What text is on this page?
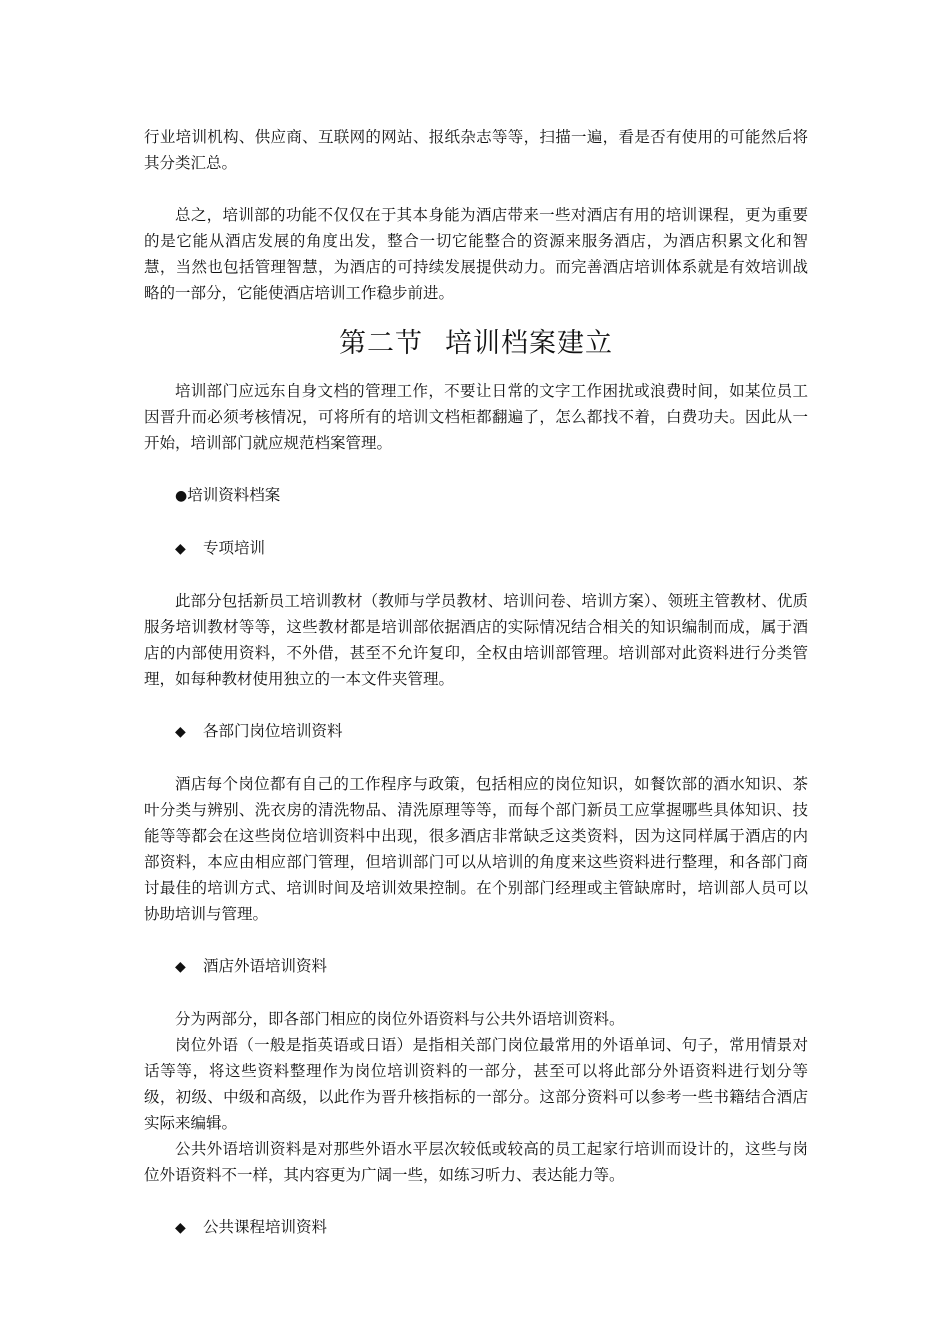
行业培训机构、供应商、互联网的网站、报纸杂志等等，扫描一遍，看是否有使用的可能然后将其分类汇总。

总之，培训部的功能不仅仅在于其本身能为酒店带来一些对酒店有用的培训课程，更为重要的是它能从酒店发展的角度出发，整合一切它能整合的资源来服务酒店，为酒店积累文化和智慧，当然也包括管理智慧，为酒店的可持续发展提供动力。而完善酒店培训体系就是有效培训战略的一部分，它能使酒店培训工作稳步前进。

第二节 培训档案建立

培训部门应远东自身文档的管理工作，不要让日常的文字工作困扰或浪费时间，如某位员工因晋升而必须考核情况，可将所有的培训文档柜都翻遍了，怎么都找不着，白费功夫。因此从一开始，培训部门就应规范档案管理。

●培训资料档案
◆ 专项培训

此部分包括新员工培训教材（教师与学员教材、培训问卷、培训方案）、领班主管教材、优质服务培训教材等等，这些教材都是培训部依据酒店的实际情况结合相关的知识编制而成，属于酒店的内部使用资料，不外借，甚至不允许复印，全权由培训部管理。培训部对此资料进行分类管理，如每种教材使用独立的一本文件夹管理。

◆ 各部门岗位培训资料

酒店每个岗位都有自己的工作程序与政策，包括相应的岗位知识，如餐饮部的酒水知识、茶叶分类与辨别、洗衣房的清洗物品、清洗原理等等，而每个部门新员工应掌握哪些具体知识、技能等等都会在这些岗位培训资料中出现，很多酒店非常缺乏这类资料，因为这同样属于酒店的内部资料，本应由相应部门管理，但培训部门可以从培训的角度来这些资料进行整理，和各部门商讨最佳的培训方式、培训时间及培训效果控制。在个别部门经理或主管缺席时，培训部人员可以协助培训与管理。

◆ 酒店外语培训资料

分为两部分，即各部门相应的岗位外语资料与公共外语培训资料。

岗位外语（一般是指英语或日语）是指相关部门岗位最常用的外语单词、句子，常用情景对话等等，将这些资料整理作为岗位培训资料的一部分，甚至可以将此部分外语资料进行划分等级，初级、中级和高级，以此作为晋升核指标的一部分。这部分资料可以参考一些书籍结合酒店实际来编辑。

公共外语培训资料是对那些外语水平层次较低或较高的员工起家行培训而设计的，这些与岗位外语资料不一样，其内容更为广阔一些，如练习听力、表达能力等。

◆ 公共课程培训资料
